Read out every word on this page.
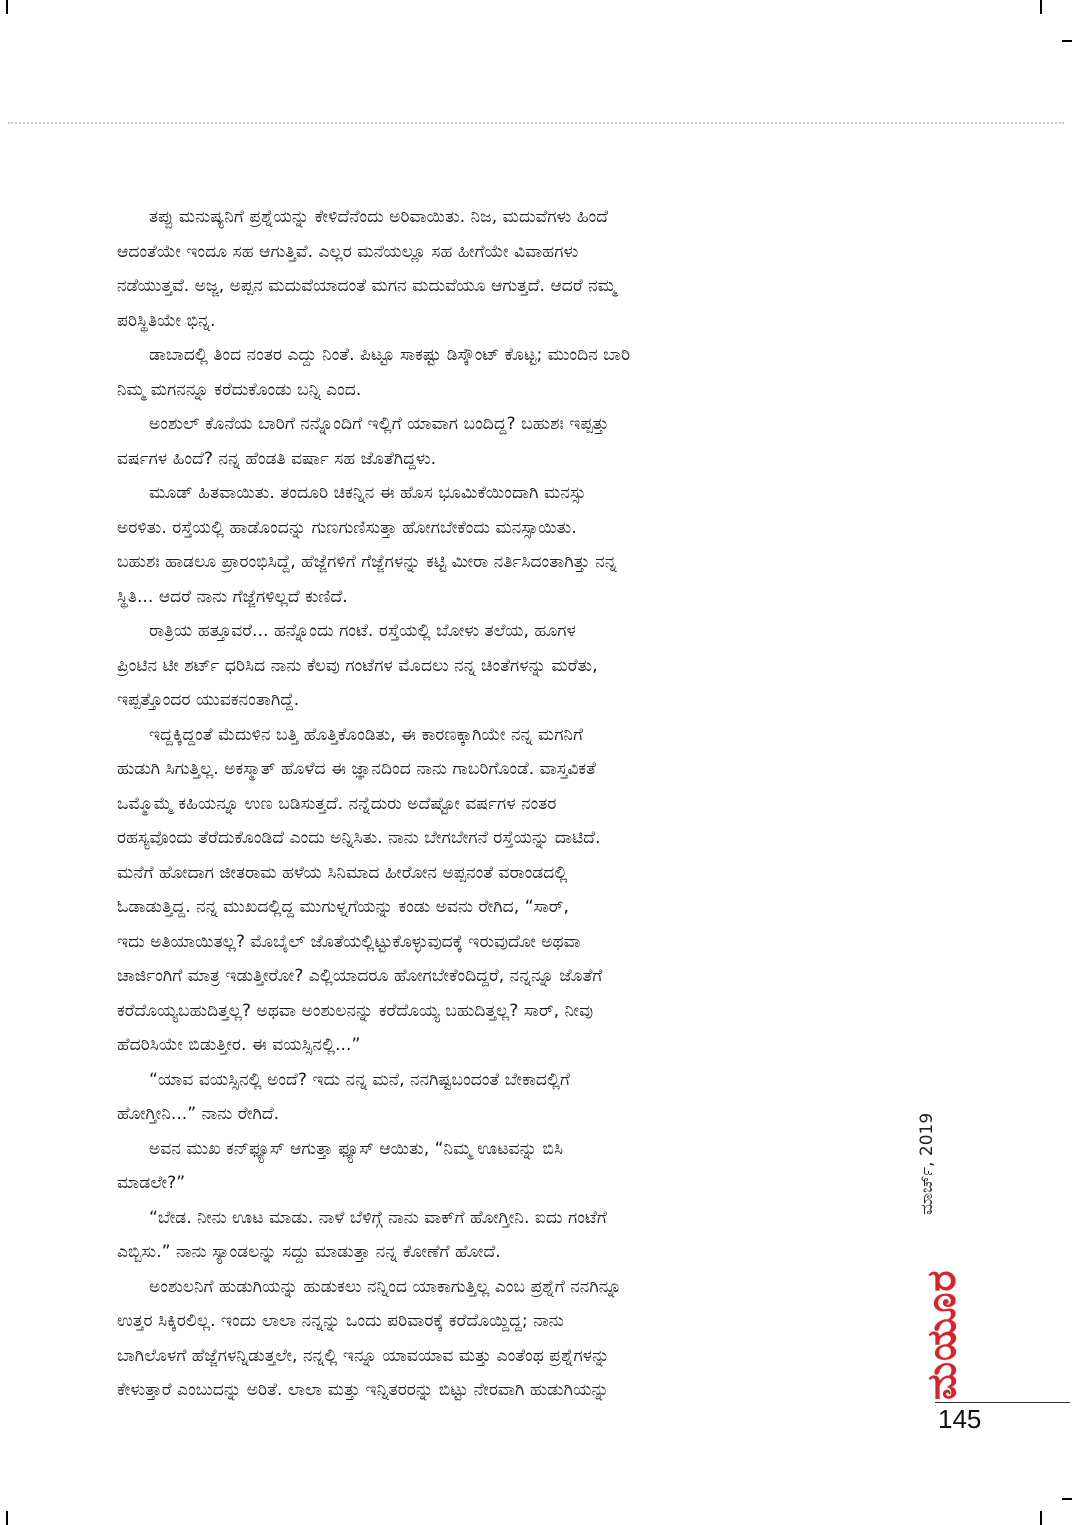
ತಪ್ಪು ಮನುಷ್ಯನಿಗೆ ಪ್ರಶ್ನೆಯನ್ನು ಕೇಳಿದೆನೆಂದು ಅರಿವಾಯಿತು. ನಿಜ, ಮದುವೆಗಳು ಹಿಂದೆ
ಆದಂತೆಯೇ ಇಂದೂ ಸಹ ಆಗುತ್ತಿವೆ. ಎಲ್ಲರ ಮನೆಯಲ್ಲೂ ಸಹ ಹೀಗೆಯೇ ವಿವಾಹಗಳು
ನಡೆಯುತ್ತವೆ. ಅಜ್ಜ, ಅಪ್ಪನ ಮದುವೆಯಾದಂತೆ ಮಗನ ಮದುವೆಯೂ ಆಗುತ್ತದೆ. ಆದರೆ ನಮ್ಮ
ಪರಿಸ್ಥಿತಿಯೇ ಭಿನ್ನ.

ಡಾಬಾದಲ್ಲಿ ತಿಂದ ನಂತರ ಎದ್ದು ನಿಂತೆ. ಪಿಟ್ಟೂ ಸಾಕಷ್ಟು ಡಿಸ್ಕೌಂಟ್ ಕೊಟ್ಟ; ಮುಂದಿನ ಬಾರಿ
ನಿಮ್ಮ ಮಗನನ್ನೂ ಕರೆದುಕೊಂಡು ಬನ್ನಿ ಎಂದ.

ಅಂಶುಲ್ ಕೊನೆಯ ಬಾರಿಗೆ ನನ್ನೊಂದಿಗೆ ಇಲ್ಲಿಗೆ ಯಾವಾಗ ಬಂದಿದ್ದ? ಬಹುಶಃ ಇಪ್ಪತ್ತು
ವರ್ಷಗಳ ಹಿಂದೆ? ನನ್ನ ಹೆಂಡತಿ ವರ್ಷಾ ಸಹ ಜೊತೆಗಿದ್ದಳು.

ಮೂಡ್ ಹಿತವಾಯಿತು. ತಂದೂರಿ ಚಿಕನ್ನಿನ ಈ ಹೊಸ ಭೂಮಿಕೆಯಿಂದಾಗಿ ಮನಸ್ಸು
ಅರಳಿತು. ರಸ್ತೆಯಲ್ಲಿ ಹಾಡೊಂದನ್ನು ಗುಣಗುಣಿಸುತ್ತಾ ಹೋಗಬೇಕೆಂದು ಮನಸ್ಸಾಯಿತು.
ಬಹುಶಃ ಹಾಡಲೂ ಪ್ರಾರಂಭಿಸಿದ್ದೆ, ಹೆಜ್ಜೆಗಳಿಗೆ ಗೆಜ್ಜೆಗಳನ್ನು ಕಟ್ಟಿ ಮೀರಾ ನರ್ತಿಸಿದಂತಾಗಿತ್ತು ನನ್ನ
ಸ್ಥಿತಿ... ಆದರೆ ನಾನು ಗೆಜ್ಜೆಗಳಿಲ್ಲದೆ ಕುಣಿದೆ.

ರಾತ್ರಿಯ ಹತ್ತೂವರೆ... ಹನ್ನೊಂದು ಗಂಟೆ. ರಸ್ತೆಯಲ್ಲಿ ಬೋಳು ತಲೆಯ, ಹೂಗಳ
ಪ್ರಿಂಟಿನ ಟೀ ಶರ್ಟ್ ಧರಿಸಿದ ನಾನು ಕೆಲವು ಗಂಟೆಗಳ ಮೊದಲು ನನ್ನ ಚಿಂತೆಗಳನ್ನು ಮರೆತು,
ಇಪ್ಪತ್ತೊಂದರ ಯುವಕನಂತಾಗಿದ್ದೆ.

ಇದ್ದಕ್ಕಿದ್ದಂತೆ ಮೆದುಳಿನ ಬತ್ತಿ ಹೊತ್ತಿಕೊಂಡಿತು, ಈ ಕಾರಣಕ್ಕಾಗಿಯೇ ನನ್ನ ಮಗನಿಗೆ
ಹುಡುಗಿ ಸಿಗುತ್ತಿಲ್ಲ. ಅಕಸ್ಮಾತ್ ಹೊಳೆದ ಈ ಜ್ಞಾನದಿಂದ ನಾನು ಗಾಬರಿಗೊಂಡೆ. ವಾಸ್ತವಿಕತೆ
ಒಮ್ಮೊಮ್ಮೆ ಕಹಿಯನ್ನೂ ಉಣ ಬಡಿಸುತ್ತದೆ. ನನ್ನೆದುರು ಅದೆಷ್ಟೋ ವರ್ಷಗಳ ನಂತರ
ರಹಸ್ಯವೊಂದು ತೆರೆದುಕೊಂಡಿದೆ ಎಂದು ಅನ್ನಿಸಿತು. ನಾನು ಬೇಗಬೇಗನೆ ರಸ್ತೆಯನ್ನು ದಾಟಿದೆ.
ಮನೆಗೆ ಹೋದಾಗ ಜೀತರಾಮ ಹಳೆಯ ಸಿನಿಮಾದ ಹೀರೋನ ಅಪ್ಪನಂತೆ ವರಾಂಡದಲ್ಲಿ
ಓಡಾಡುತ್ತಿದ್ದ. ನನ್ನ ಮುಖದಲ್ಲಿದ್ದ ಮುಗುಳ್ನಗೆಯನ್ನು ಕಂಡು ಅವನು ರೇಗಿದ, “ಸಾರ್,
ಇದು ಅತಿಯಾಯಿತಲ್ಲ? ಮೊಬೈಲ್ ಜೊತೆಯಲ್ಲಿಟ್ಟುಕೊಳ್ಳುವುದಕ್ಕೆ ಇರುವುದೋ ಅಥವಾ
ಚಾರ್ಜಿಂಗಿಗೆ ಮಾತ್ರ ಇಡುತ್ತೀರೋ? ಎಲ್ಲಿಯಾದರೂ ಹೋಗಬೇಕೆಂದಿದ್ದರೆ, ನನ್ನನ್ನೂ ಜೊತೆಗೆ
ಕರೆದೊಯ್ಯಬಹುದಿತ್ತಲ್ಲ? ಅಥವಾ ಅಂಶುಲನನ್ನು ಕರೆದೊಯ್ಯ ಬಹುದಿತ್ತಲ್ಲ? ಸಾರ್, ನೀವು
ಹೆದರಿಸಿಯೇ ಬಿಡುತ್ತೀರ. ಈ ವಯಸ್ಸಿನಲ್ಲಿ...”

“ಯಾವ ವಯಸ್ಸಿನಲ್ಲಿ ಅಂದೆ? ಇದು ನನ್ನ ಮನೆ, ನನಗಿಷ್ಟಬಂದಂತೆ ಬೇಕಾದಲ್ಲಿಗೆ
ಹೋಗ್ತೀನಿ...” ನಾನು ರೇಗಿದೆ.

ಅವನ ಮುಖ ಕನ್‌ಫ್ಯೂಸ್ ಆಗುತ್ತಾ ಫ್ಯೂಸ್ ಆಯಿತು, “ನಿಮ್ಮ ಊಟವನ್ನು ಬಿಸಿ
ಮಾಡಲೇ?”

“ಬೇಡ. ನೀನು ಊಟ ಮಾಡು. ನಾಳೆ ಬೆಳಿಗ್ಗೆ ನಾನು ವಾಕ್‌ಗೆ ಹೋಗ್ತೀನಿ. ಐದು ಗಂಟೆಗೆ
ಎಬ್ಬಿಸು.” ನಾನು ಸ್ಯಾಂಡಲನ್ನು ಸದ್ದು ಮಾಡುತ್ತಾ ನನ್ನ ಕೋಣೆಗೆ ಹೋದೆ.

ಅಂಶುಲನಿಗೆ ಹುಡುಗಿಯನ್ನು ಹುಡುಕಲು ನನ್ನಿಂದ ಯಾಕಾಗುತ್ತಿಲ್ಲ ಎಂಬ ಪ್ರಶ್ನೆಗೆ ನನಗಿನ್ನೂ
ಉತ್ತರ ಸಿಕ್ಕಿರಲಿಲ್ಲ. ಇಂದು ಲಾಲಾ ನನ್ನನ್ನು ಒಂದು ಪರಿವಾರಕ್ಕೆ ಕರೆದೊಯ್ದಿದ್ದ; ನಾನು
ಬಾಗಿಲೊಳಗೆ ಹೆಜ್ಜೆಗಳನ್ನಿಡುತ್ತಲೇ, ನನ್ನಲ್ಲಿ ಇನ್ನೂ ಯಾವಯಾವ ಮತ್ತು ಎಂತೆಂಥ ಪ್ರಶ್ನೆಗಳನ್ನು
ಕೇಳುತ್ತಾರೆ ಎಂಬುದನ್ನು ಅರಿತೆ. ಲಾಲಾ ಮತ್ತು ಇನ್ನಿತರರನ್ನು ಬಿಟ್ಟು ನೇರವಾಗಿ ಹುಡುಗಿಯನ್ನು

ಮಾರ್ಚ್, 2019
ಮಯೂರ
145
